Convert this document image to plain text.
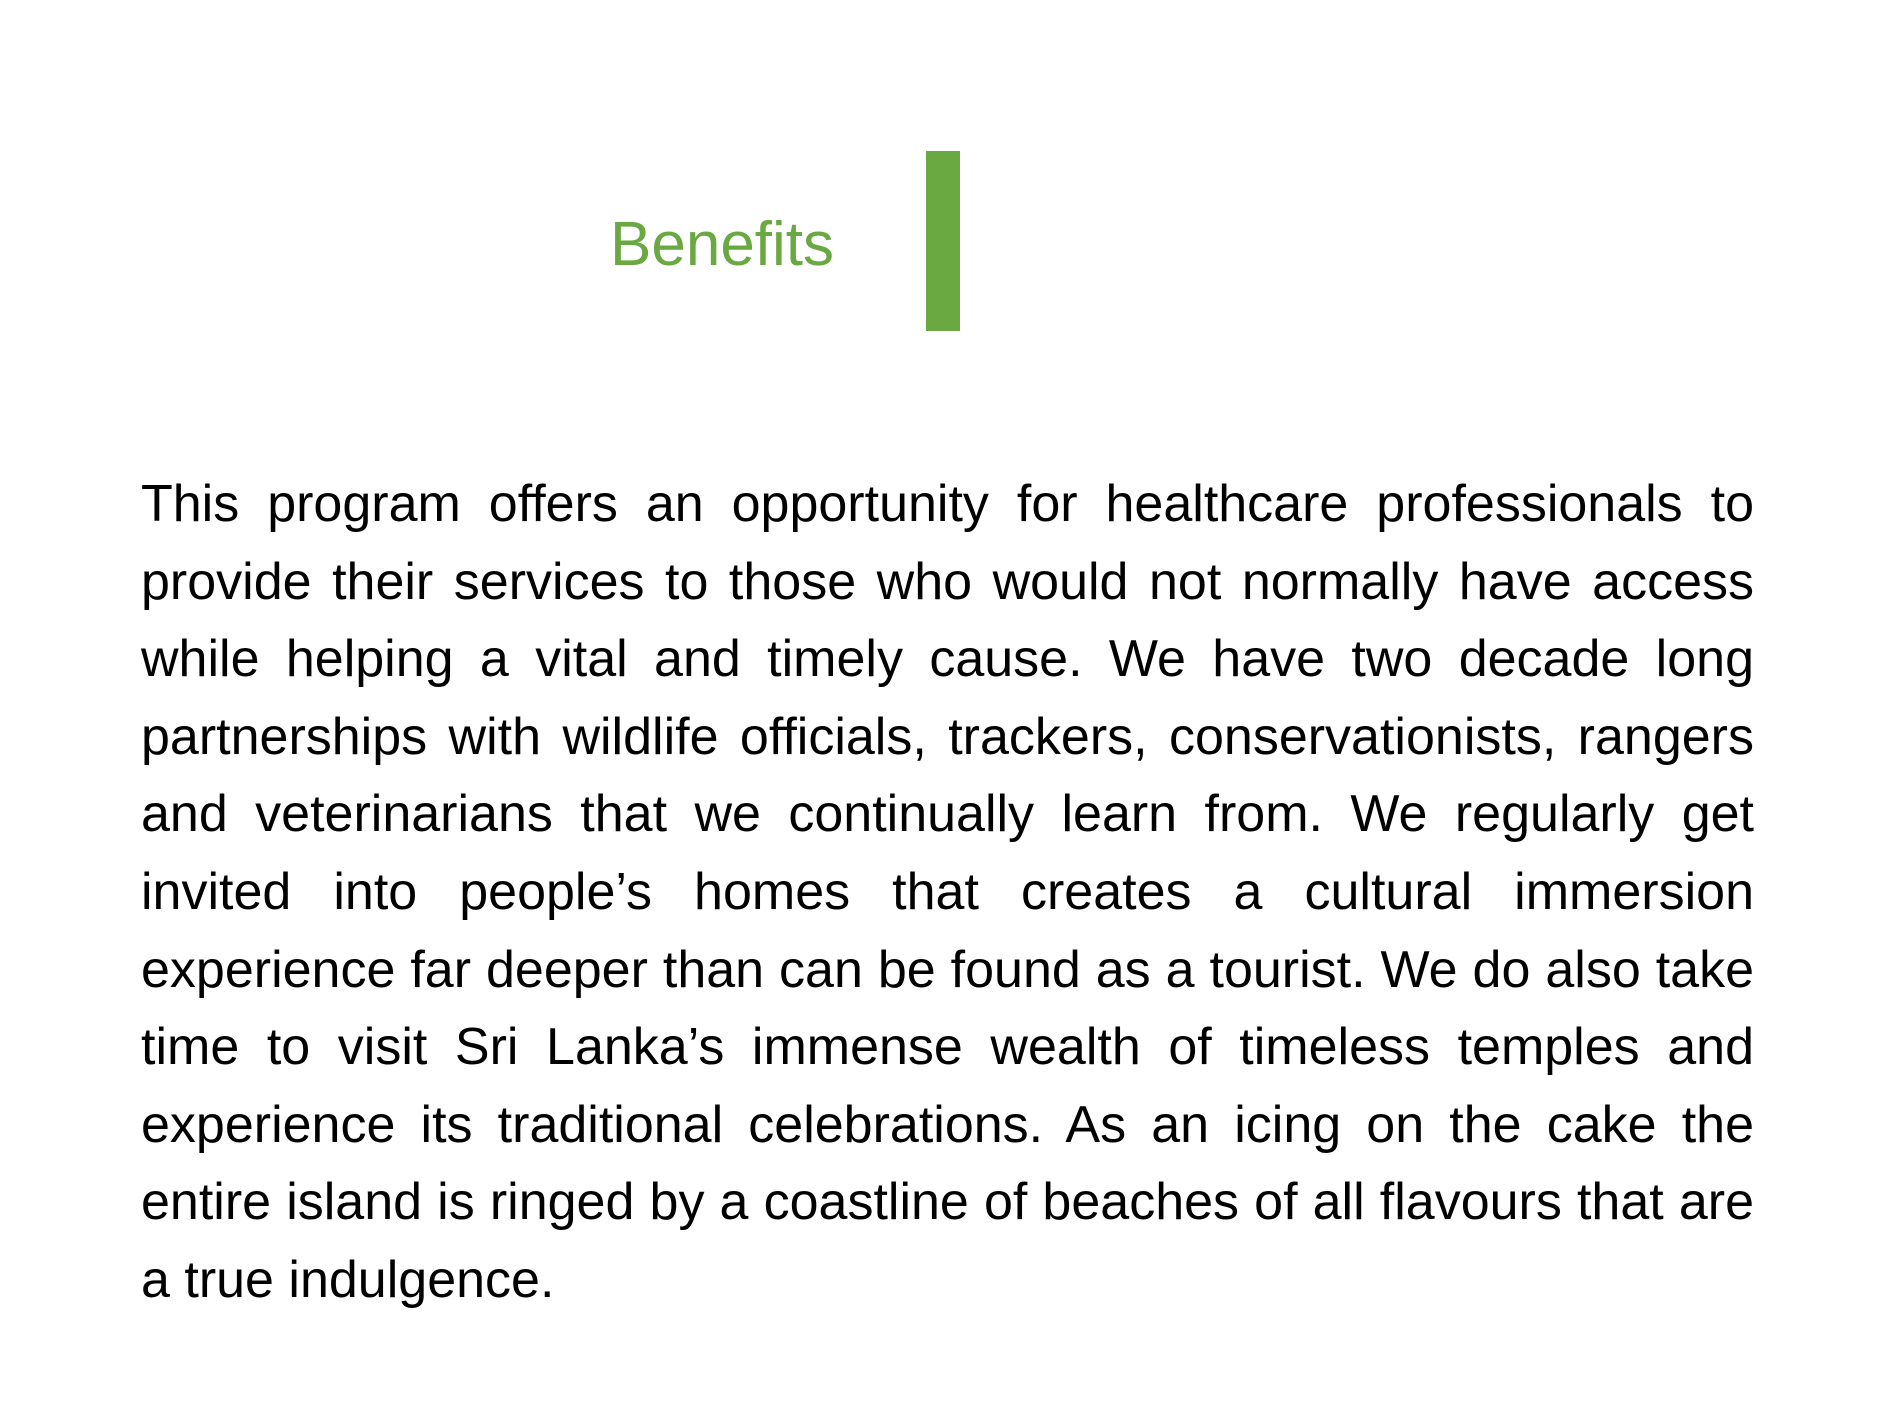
Benefits

This program offers an opportunity for healthcare professionals to provide their services to those who would not normally have access while helping a vital and timely cause. We have two decade long partnerships with wildlife officials, trackers, conservationists, rangers and veterinarians that we continually learn from. We regularly get invited into people’s homes that creates a cultural immersion experience far deeper than can be found as a tourist. We do also take time to visit Sri Lanka’s immense wealth of timeless temples and experience its traditional celebrations. As an icing on the cake the entire island is ringed by a coastline of beaches of all flavours that are a true indulgence.
